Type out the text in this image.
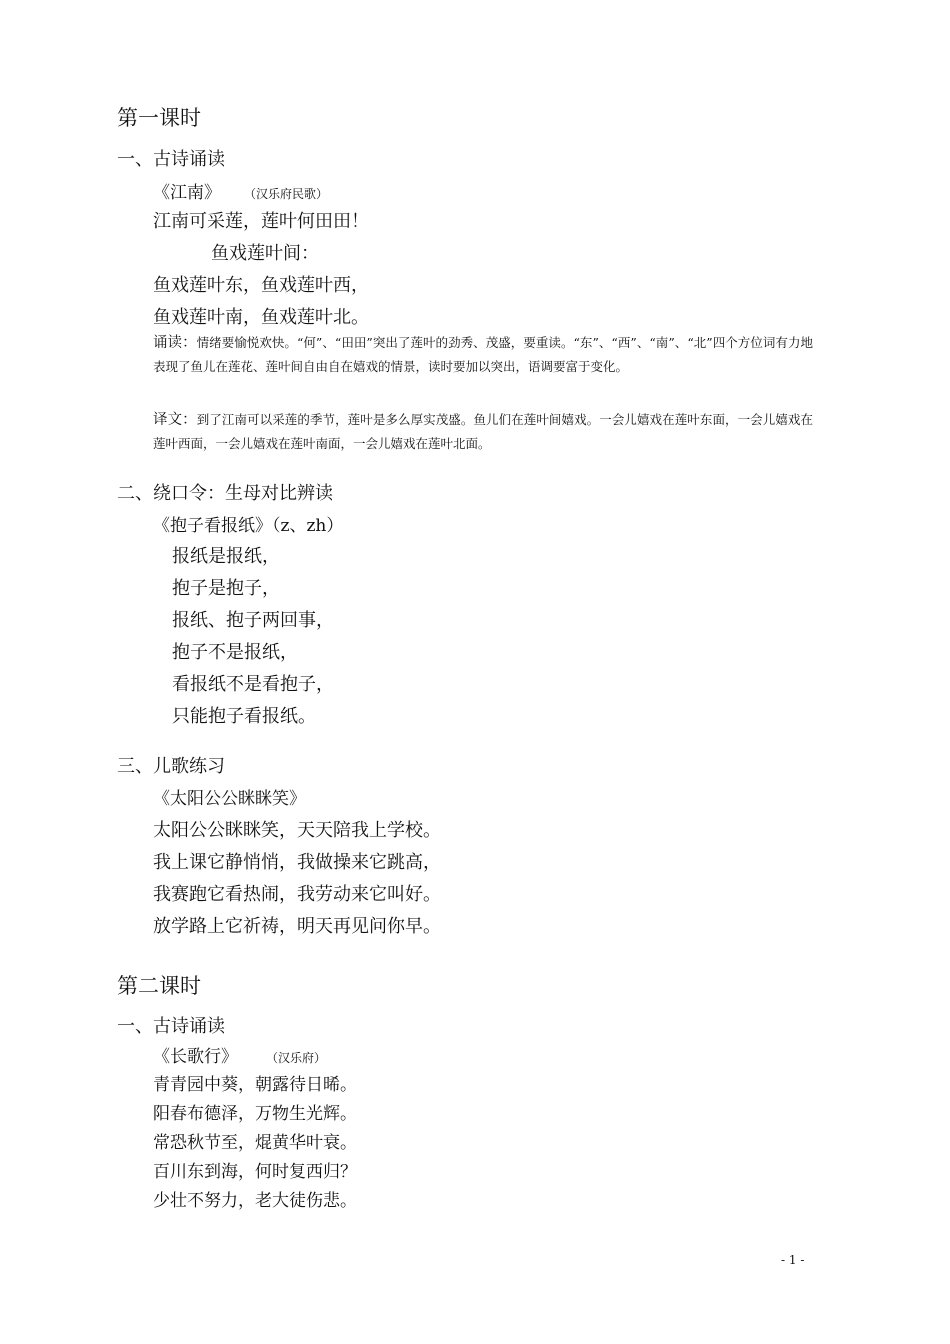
第一课时
一、古诗诵读
《江南》 （汉乐府民歌）
江南可采莲，莲叶何田田！
鱼戏莲叶间：
鱼戏莲叶东，鱼戏莲叶西，
鱼戏莲叶南，鱼戏莲叶北。
诵读：情绪要愉悦欢快。“何”、“田田”突出了莲叶的劲秀、茂盛，要重读。“东”、“西”、“南”、“北”四个方位词有力地表现了鱼儿在莲花、莲叶间自由自在嬉戏的情景，读时要加以突出，语调要富于变化。
译文：到了江南可以采莲的季节，莲叶是多么厚实茂盛。鱼儿们在莲叶间嬉戏。一会儿嬉戏在莲叶东面，一会儿嬉戏在莲叶西面，一会儿嬉戏在莲叶南面，一会儿嬉戏在莲叶北面。
二、绕口令：生母对比辨读
《抱子看报纸》（z、zh）
报纸是报纸，
抱子是抱子，
报纸、抱子两回事，
抱子不是报纸，
看报纸不是看抱子，
只能抱子看报纸。
三、儿歌练习
《太阳公公眯眯笑》
太阳公公眯眯笑，天天陪我上学校。
我上课它静悄悄，我做操来它跳高，
我赛跑它看热闹，我劳动来它叫好。
放学路上它祈祷，明天再见问你早。
第二课时
一、古诗诵读
《长歌行》 （汉乐府）
青青园中葵，朝露待日晞。
阳春布德泽，万物生光辉。
常恐秋节至，焜黄华叶衰。
百川东到海，何时复西归？
少壮不努力，老大徒伤悲。
- 1 -
